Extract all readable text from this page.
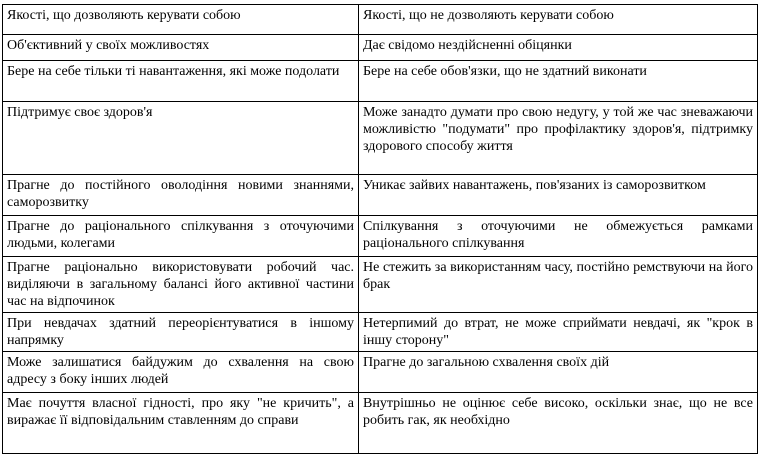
Якості, що дозволяють керувати собою	Якості, що не дозволяють керувати собою
Об'єктивний у своїх можливостях	Дає свідомо нездійсненні обіцянки
Бере на себе тільки ті навантаження, які може подолати	Бере на себе обов'язки, що не здатний виконати
Підтримує своє здоров'я	Може занадто думати про свою недугу, у той же час зневажаючи можливістю "подумати" про профілактику здоров'я, підтримку здорового способу життя
Прагне до постійного оволодіння новими знаннями, саморозвитку	Уникає зайвих навантажень, пов'язаних із саморозвитком
Прагне до раціонального спілкування з оточуючими людьми, колегами	Спілкування з оточуючими не обмежується рамками раціонального спілкування
Прагне раціонально використовувати робочий час. виділяючи в загальному балансі його активної частини час на відпочинок	Не стежить за використанням часу, постійно ремствуючи на його брак
При невдачах здатний переорієнтуватися в іншому напрямку	Нетерпимий до втрат, не може сприймати невдачі, як "крок в іншу сторону"
Може залишатися байдужим до схвалення на свою адресу з боку інших людей	Прагне до загальною схвалення своїх дій
Має почуття власної гідності, про яку "не кричить", а виражає її відповідальним ставленням до справи	Внутрішньо не оцінює себе високо, оскільки знає, що не все робить гак, як необхідно
